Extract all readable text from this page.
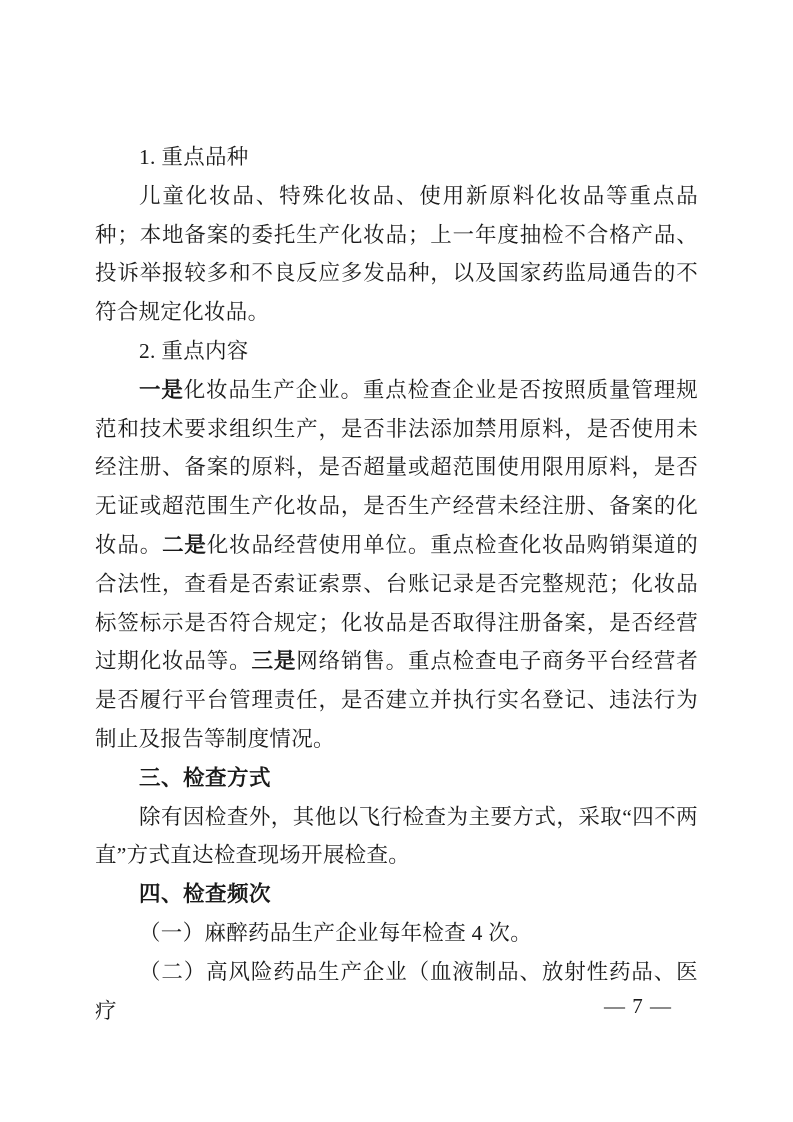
1. 重点品种

儿童化妆品、特殊化妆品、使用新原料化妆品等重点品种；本地备案的委托生产化妆品；上一年度抽检不合格产品、投诉举报较多和不良反应多发品种，以及国家药监局通告的不符合规定化妆品。

2. 重点内容

一是化妆品生产企业。重点检查企业是否按照质量管理规范和技术要求组织生产，是否非法添加禁用原料，是否使用未经注册、备案的原料，是否超量或超范围使用限用原料，是否无证或超范围生产化妆品，是否生产经营未经注册、备案的化妆品。二是化妆品经营使用单位。重点检查化妆品购销渠道的合法性，查看是否索证索票、台账记录是否完整规范；化妆品标签标示是否符合规定；化妆品是否取得注册备案，是否经营过期化妆品等。三是网络销售。重点检查电子商务平台经营者是否履行平台管理责任，是否建立并执行实名登记、违法行为制止及报告等制度情况。

三、检查方式

除有因检查外，其他以飞行检查为主要方式，采取“四不两直”方式直达检查现场开展检查。

四、检查频次

（一）麻醉药品生产企业每年检查 4 次。

（二）高风险药品生产企业（血液制品、放射性药品、医疗	— 7 —
